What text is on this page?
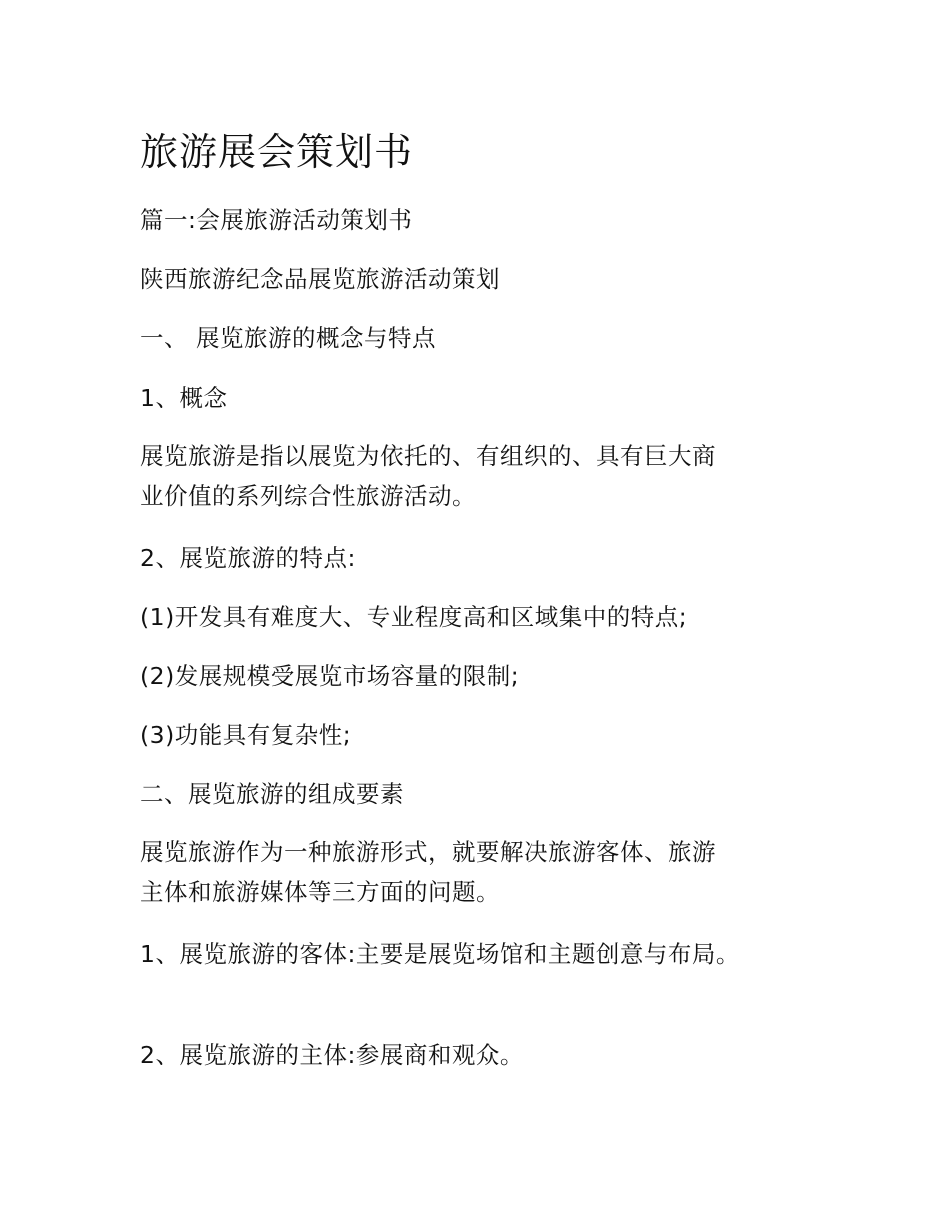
旅游展会策划书
篇一:会展旅游活动策划书
陕西旅游纪念品展览旅游活动策划
一、 展览旅游的概念与特点
1、概念
展览旅游是指以展览为依托的、有组织的、具有巨大商
业价值的系列综合性旅游活动。
2、展览旅游的特点:
(1)开发具有难度大、专业程度高和区域集中的特点;
(2)发展规模受展览市场容量的限制;
(3)功能具有复杂性;
二、展览旅游的组成要素
展览旅游作为一种旅游形式，就要解决旅游客体、旅游
主体和旅游媒体等三方面的问题。
1、展览旅游的客体:主要是展览场馆和主题创意与布局。
2、展览旅游的主体:参展商和观众。
